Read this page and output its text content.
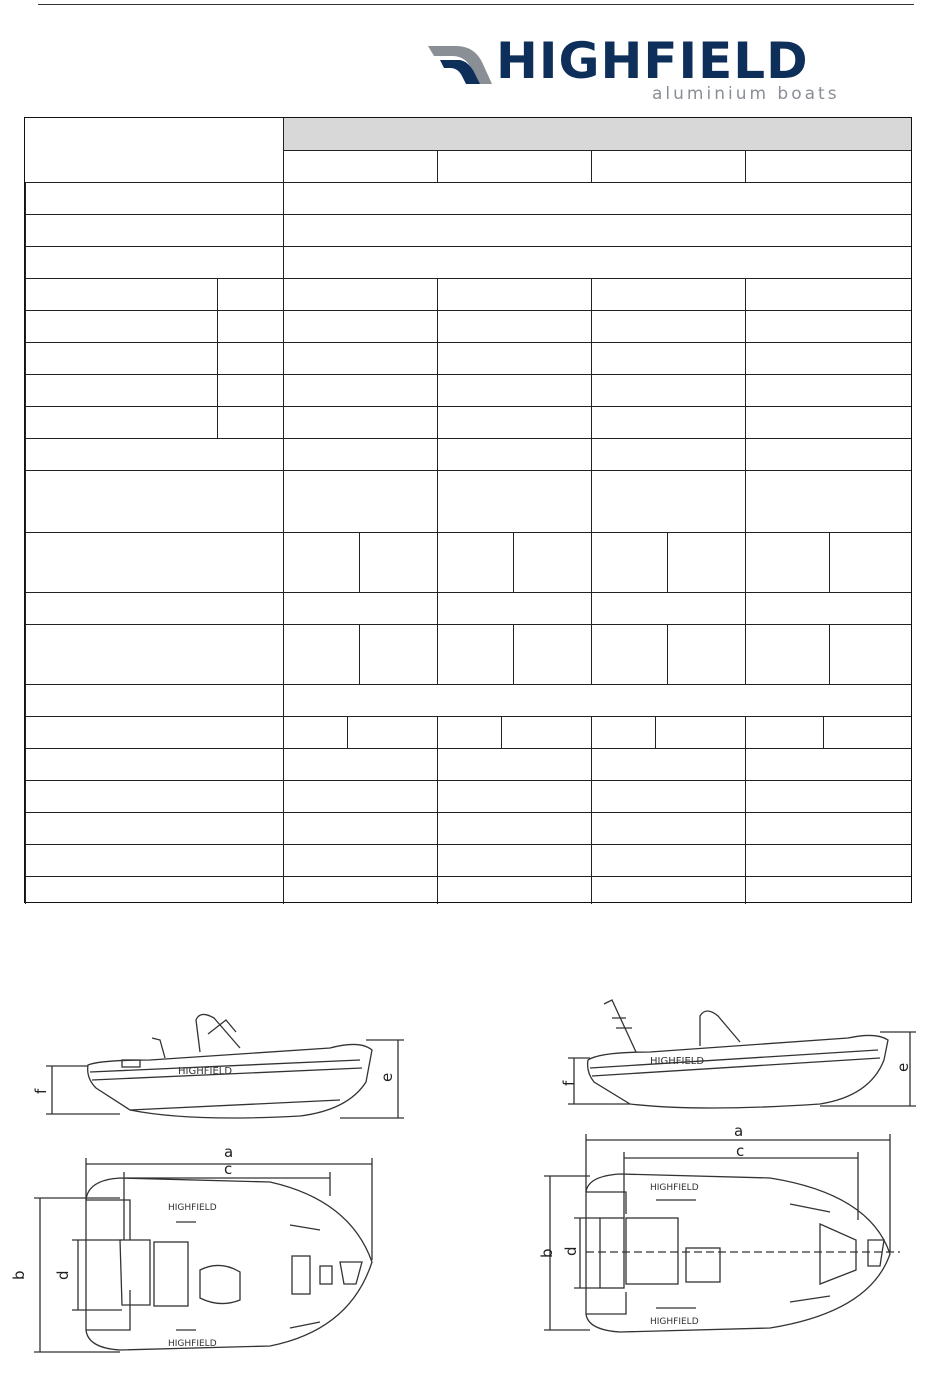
HIGHFIELD
aluminium boats
HIGHFIELD
HIGHFIELD
HIGHFIELD
a
b
c
d
e
f
HIGHFIELD
HIGHFIELD
HIGHFIELD
a
b
c
d
e
f
